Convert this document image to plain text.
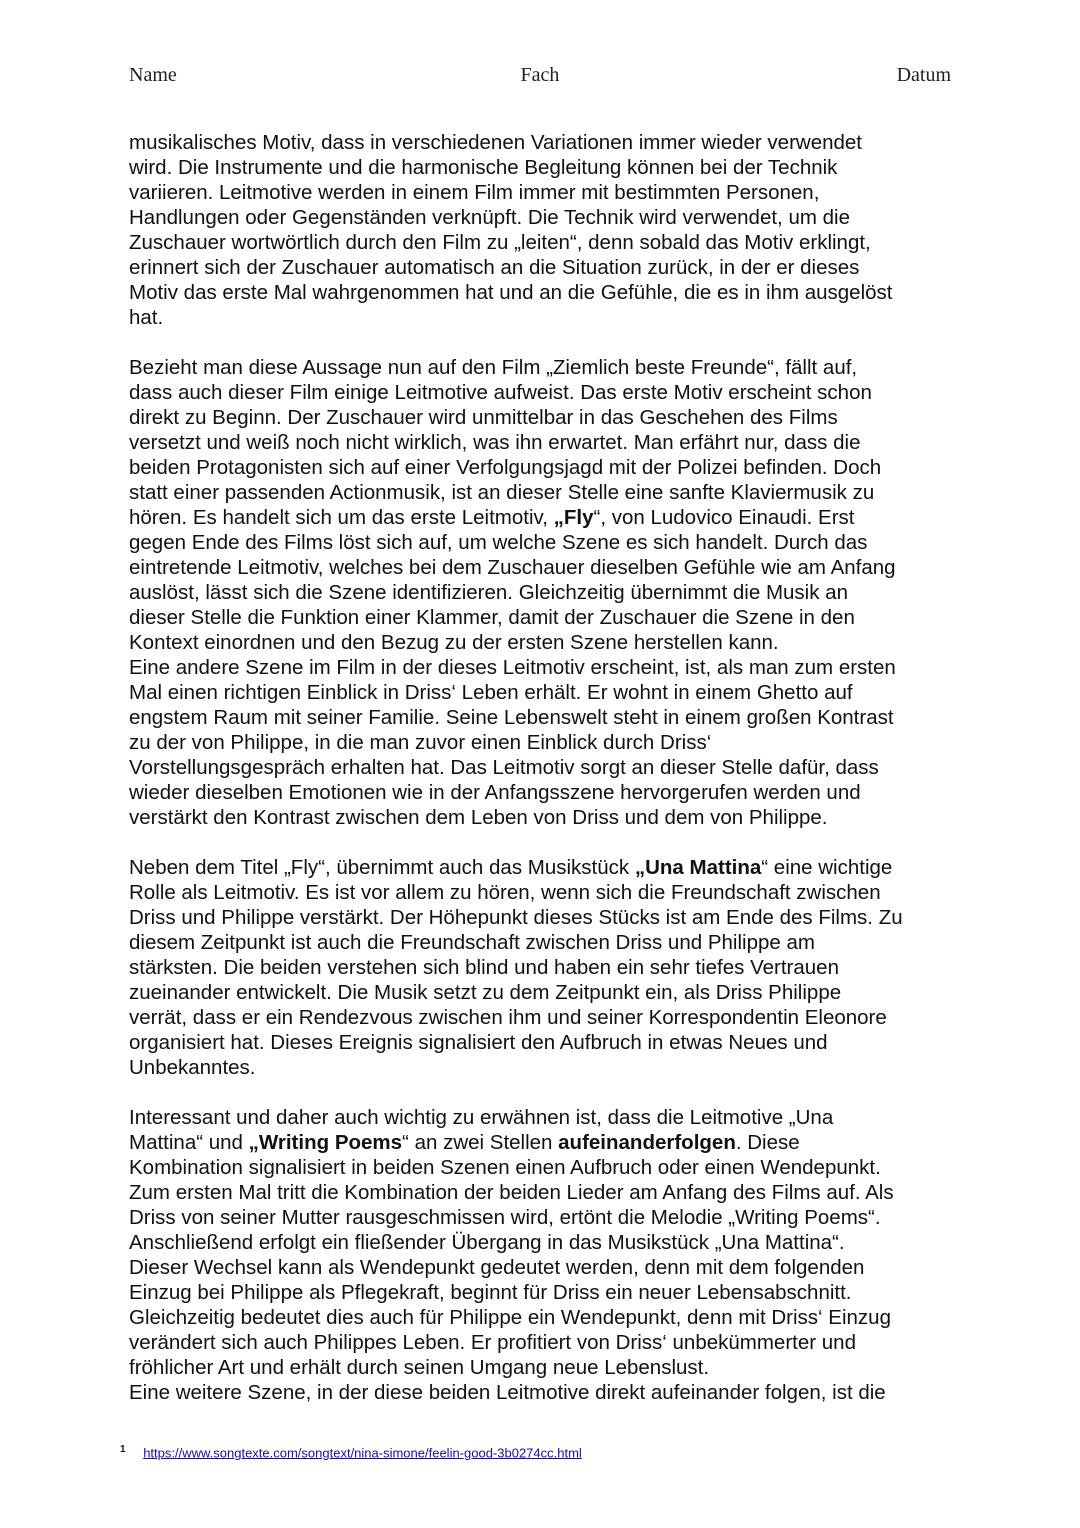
Name	Fach	Datum
musikalisches Motiv, dass in verschiedenen Variationen immer wieder verwendet
wird. Die Instrumente und die harmonische Begleitung können bei der Technik
variieren. Leitmotive werden in einem Film immer mit bestimmten Personen,
Handlungen oder Gegenständen verknüpft. Die Technik wird verwendet, um die
Zuschauer wortwörtlich durch den Film zu „leiten“, denn sobald das Motiv erklingt,
erinnert sich der Zuschauer automatisch an die Situation zurück, in der er dieses
Motiv das erste Mal wahrgenommen hat und an die Gefühle, die es in ihm ausgelöst
hat.
Bezieht man diese Aussage nun auf den Film „Ziemlich beste Freunde“, fällt auf,
dass auch dieser Film einige Leitmotive aufweist. Das erste Motiv erscheint schon
direkt zu Beginn. Der Zuschauer wird unmittelbar in das Geschehen des Films
versetzt und weiß noch nicht wirklich, was ihn erwartet. Man erfährt nur, dass die
beiden Protagonisten sich auf einer Verfolgungsjagd mit der Polizei befinden. Doch
statt einer passenden Actionmusik, ist an dieser Stelle eine sanfte Klaviermusik zu
hören. Es handelt sich um das erste Leitmotiv, „Fly“, von Ludovico Einaudi. Erst
gegen Ende des Films löst sich auf, um welche Szene es sich handelt. Durch das
eintretende Leitmotiv, welches bei dem Zuschauer dieselben Gefühle wie am Anfang
auslöst, lässt sich die Szene identifizieren. Gleichzeitig übernimmt die Musik an
dieser Stelle die Funktion einer Klammer, damit der Zuschauer die Szene in den
Kontext einordnen und den Bezug zu der ersten Szene herstellen kann.
Eine andere Szene im Film in der dieses Leitmotiv erscheint, ist, als man zum ersten
Mal einen richtigen Einblick in Driss‘ Leben erhält. Er wohnt in einem Ghetto auf
engstem Raum mit seiner Familie. Seine Lebenswelt steht in einem großen Kontrast
zu der von Philippe, in die man zuvor einen Einblick durch Driss‘
Vorstellungsgespräch erhalten hat. Das Leitmotiv sorgt an dieser Stelle dafür, dass
wieder dieselben Emotionen wie in der Anfangsszene hervorgerufen werden und
verstärkt den Kontrast zwischen dem Leben von Driss und dem von Philippe.
Neben dem Titel „Fly“, übernimmt auch das Musikstück „Una Mattina“ eine wichtige
Rolle als Leitmotiv. Es ist vor allem zu hören, wenn sich die Freundschaft zwischen
Driss und Philippe verstärkt. Der Höhepunkt dieses Stücks ist am Ende des Films. Zu
diesem Zeitpunkt ist auch die Freundschaft zwischen Driss und Philippe am
stärksten. Die beiden verstehen sich blind und haben ein sehr tiefes Vertrauen
zueinander entwickelt. Die Musik setzt zu dem Zeitpunkt ein, als Driss Philippe
verrät, dass er ein Rendezvous zwischen ihm und seiner Korrespondentin Eleonore
organisiert hat. Dieses Ereignis signalisiert den Aufbruch in etwas Neues und
Unbekanntes.
Interessant und daher auch wichtig zu erwähnen ist, dass die Leitmotive „Una
Mattina“ und „Writing Poems“ an zwei Stellen aufeinanderfolgen. Diese
Kombination signalisiert in beiden Szenen einen Aufbruch oder einen Wendepunkt.
Zum ersten Mal tritt die Kombination der beiden Lieder am Anfang des Films auf. Als
Driss von seiner Mutter rausgeschmissen wird, ertönt die Melodie „Writing Poems“.
Anschließend erfolgt ein fließender Übergang in das Musikstück „Una Mattina“.
Dieser Wechsel kann als Wendepunkt gedeutet werden, denn mit dem folgenden
Einzug bei Philippe als Pflegekraft, beginnt für Driss ein neuer Lebensabschnitt.
Gleichzeitig bedeutet dies auch für Philippe ein Wendepunkt, denn mit Driss‘ Einzug
verändert sich auch Philippes Leben. Er profitiert von Driss‘ unbekümmerter und
fröhlicher Art und erhält durch seinen Umgang neue Lebenslust.
Eine weitere Szene, in der diese beiden Leitmotive direkt aufeinander folgen, ist die
$^1$ https://www.songtexte.com/songtext/nina-simone/feelin-good-3b0274cc.html
